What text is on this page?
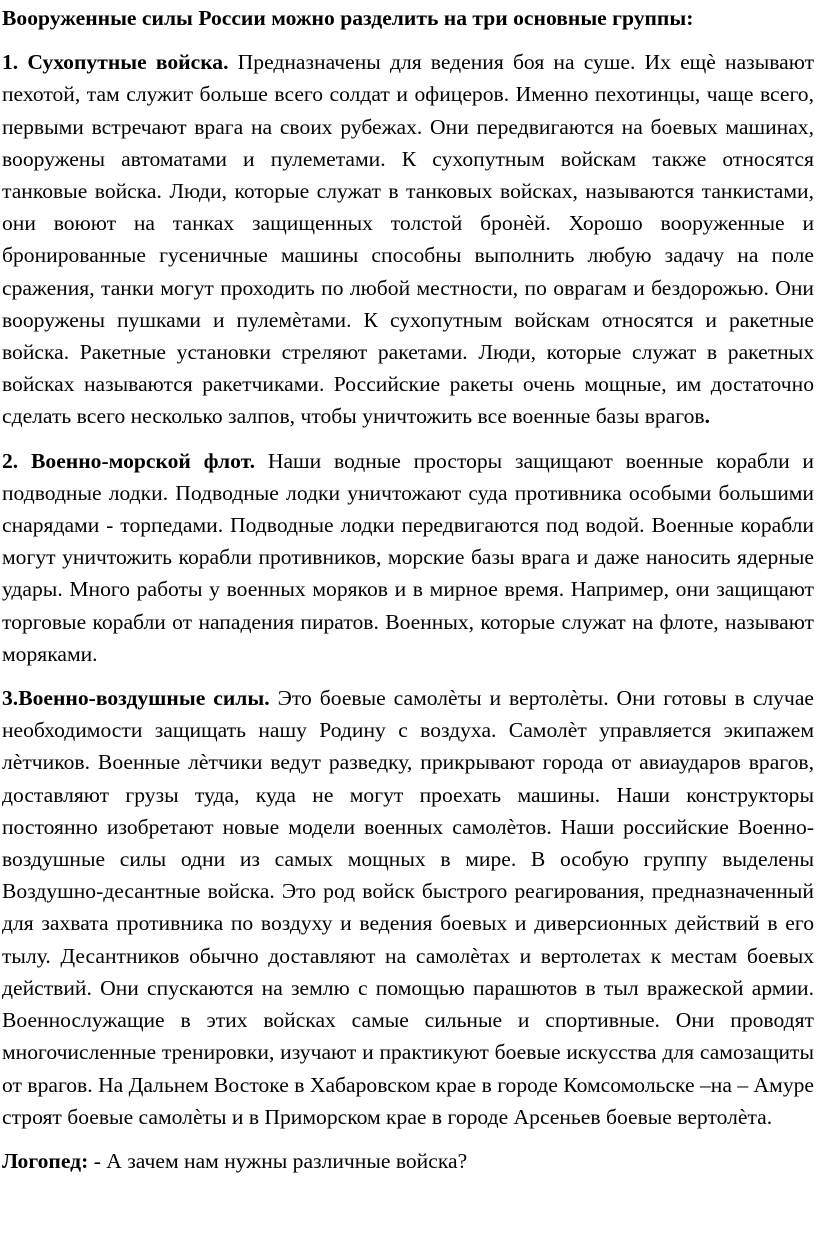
Вооруженные силы России можно разделить на три основные группы:

1. Сухопутные войска. Предназначены для ведения боя на суше. Их ещѐ называют пехотой, там служит больше всего солдат и офицеров. Именно пехотинцы, чаще всего, первыми встречают врага на своих рубежах. Они передвигаются на боевых машинах, вооружены автоматами и пулеметами. К сухопутным войскам также относятся танковые войска. Люди, которые служат в танковых войсках, называются танкистами, они воюют на танках защищенных толстой бронѐй. Хорошо вооруженные и бронированные гусеничные машины способны выполнить любую задачу на поле сражения, танки могут проходить по любой местности, по оврагам и бездорожью. Они вооружены пушками и пулемѐтами. К сухопутным войскам относятся и ракетные войска. Ракетные установки стреляют ракетами. Люди, которые служат в ракетных войсках называются ракетчиками. Российские ракеты очень мощные, им достаточно сделать всего несколько залпов, чтобы уничтожить все военные базы врагов.

2. Военно-морской флот. Наши водные просторы защищают военные корабли и подводные лодки. Подводные лодки уничтожают суда противника особыми большими снарядами - торпедами. Подводные лодки передвигаются под водой. Военные корабли могут уничтожить корабли противников, морские базы врага и даже наносить ядерные удары. Много работы у военных моряков и в мирное время. Например, они защищают торговые корабли от нападения пиратов. Военных, которые служат на флоте, называют моряками.

3.Военно-воздушные силы. Это боевые самолѐты и вертолѐты. Они готовы в случае необходимости защищать нашу Родину с воздуха. Самолѐт управляется экипажем лѐтчиков. Военные лѐтчики ведут разведку, прикрывают города от авиаударов врагов, доставляют грузы туда, куда не могут проехать машины. Наши конструкторы постоянно изобретают новые модели военных самолѐтов. Наши российские Военно-воздушные силы одни из самых мощных в мире. В особую группу выделены Воздушно-десантные войска. Это род войск быстрого реагирования, предназначенный для захвата противника по воздуху и ведения боевых и диверсионных действий в его тылу. Десантников обычно доставляют на самолѐтах и вертолетах к местам боевых действий. Они спускаются на землю с помощью парашютов в тыл вражеской армии. Военнослужащие в этих войсках самые сильные и спортивные. Они проводят многочисленные тренировки, изучают и практикуют боевые искусства для самозащиты от врагов. На Дальнем Востоке в Хабаровском крае в городе Комсомольске –на – Амуре строят боевые самолѐты и в Приморском крае в городе Арсеньев боевые вертолѐта.

Логопед: - А зачем нам нужны различные войска?
